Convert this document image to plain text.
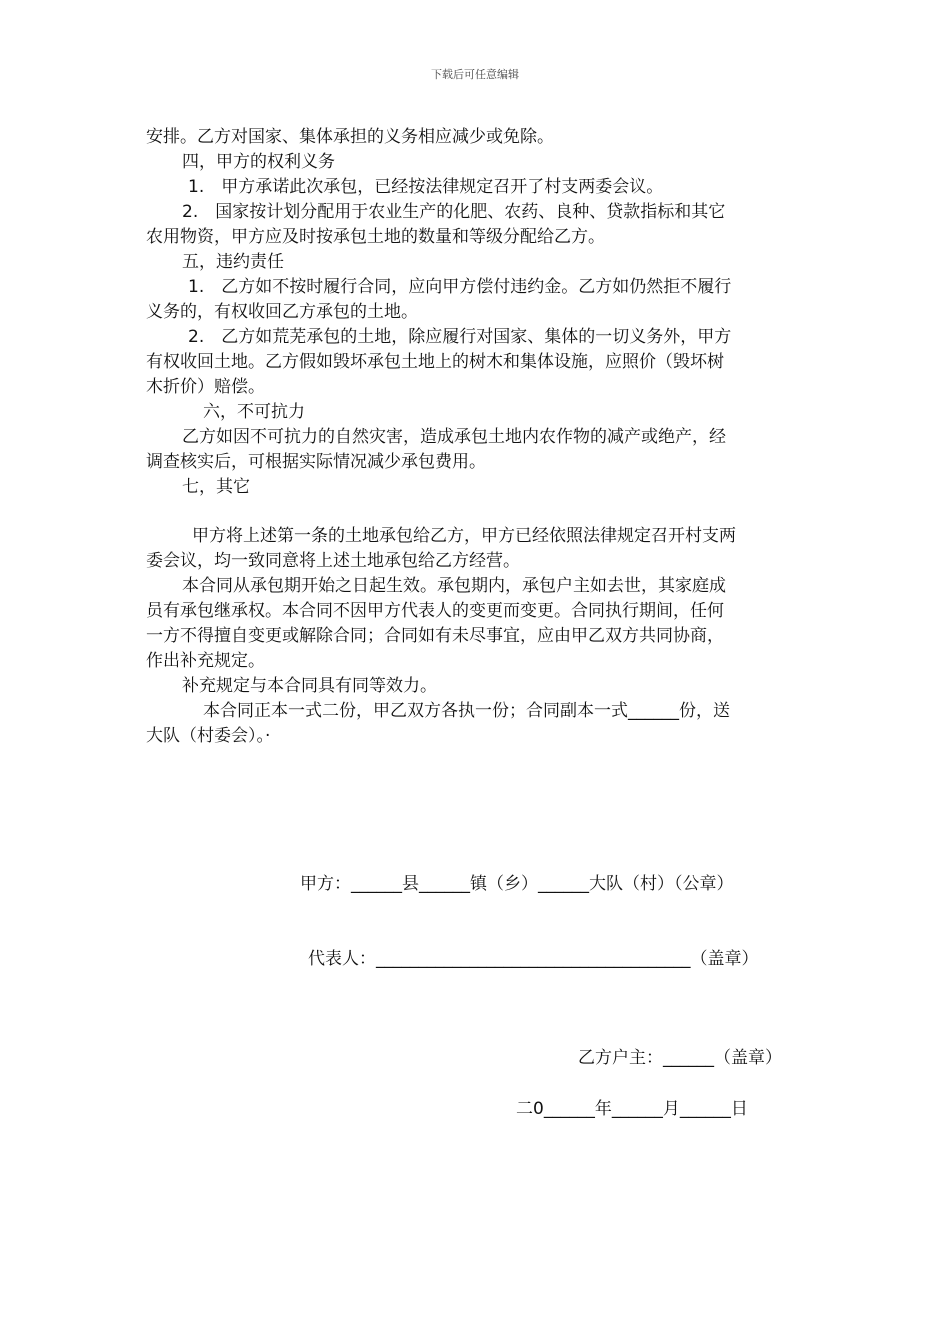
下载后可任意编辑
安排。乙方对国家、集体承担的义务相应减少或免除。
四，甲方的权利义务
1.　甲方承诺此次承包，已经按法律规定召开了村支两委会议。
2.　国家按计划分配用于农业生产的化肥、农药、良种、贷款指标和其它
农用物资，甲方应及时按承包土地的数量和等级分配给乙方。
五，违约责任
1.　乙方如不按时履行合同，应向甲方偿付违约金。乙方如仍然拒不履行
义务的，有权收回乙方承包的土地。
2.　乙方如荒芜承包的土地，除应履行对国家、集体的一切义务外，甲方
有权收回土地。乙方假如毁坏承包土地上的树木和集体设施，应照价（毁坏树
木折价）赔偿。
六，不可抗力
乙方如因不可抗力的自然灾害，造成承包土地内农作物的减产或绝产，经
调查核实后，可根据实际情况减少承包费用。
七，其它
甲方将上述第一条的土地承包给乙方，甲方已经依照法律规定召开村支两
委会议，均一致同意将上述土地承包给乙方经营。
本合同从承包期开始之日起生效。承包期内，承包户主如去世，其家庭成
员有承包继承权。本合同不因甲方代表人的变更而变更。合同执行期间，任何
一方不得擅自变更或解除合同；合同如有未尽事宜，应由甲乙双方共同协商，
作出补充规定。
补充规定与本合同具有同等效力。
本合同正本一式二份，甲乙双方各执一份；合同副本一式______份，送
大队（村委会）。·
甲方：______县______镇（乡）______大队（村）（公章）
代表人：_____________________________________（盖章）
乙方户主：______（盖章）
二0______年______月______日
